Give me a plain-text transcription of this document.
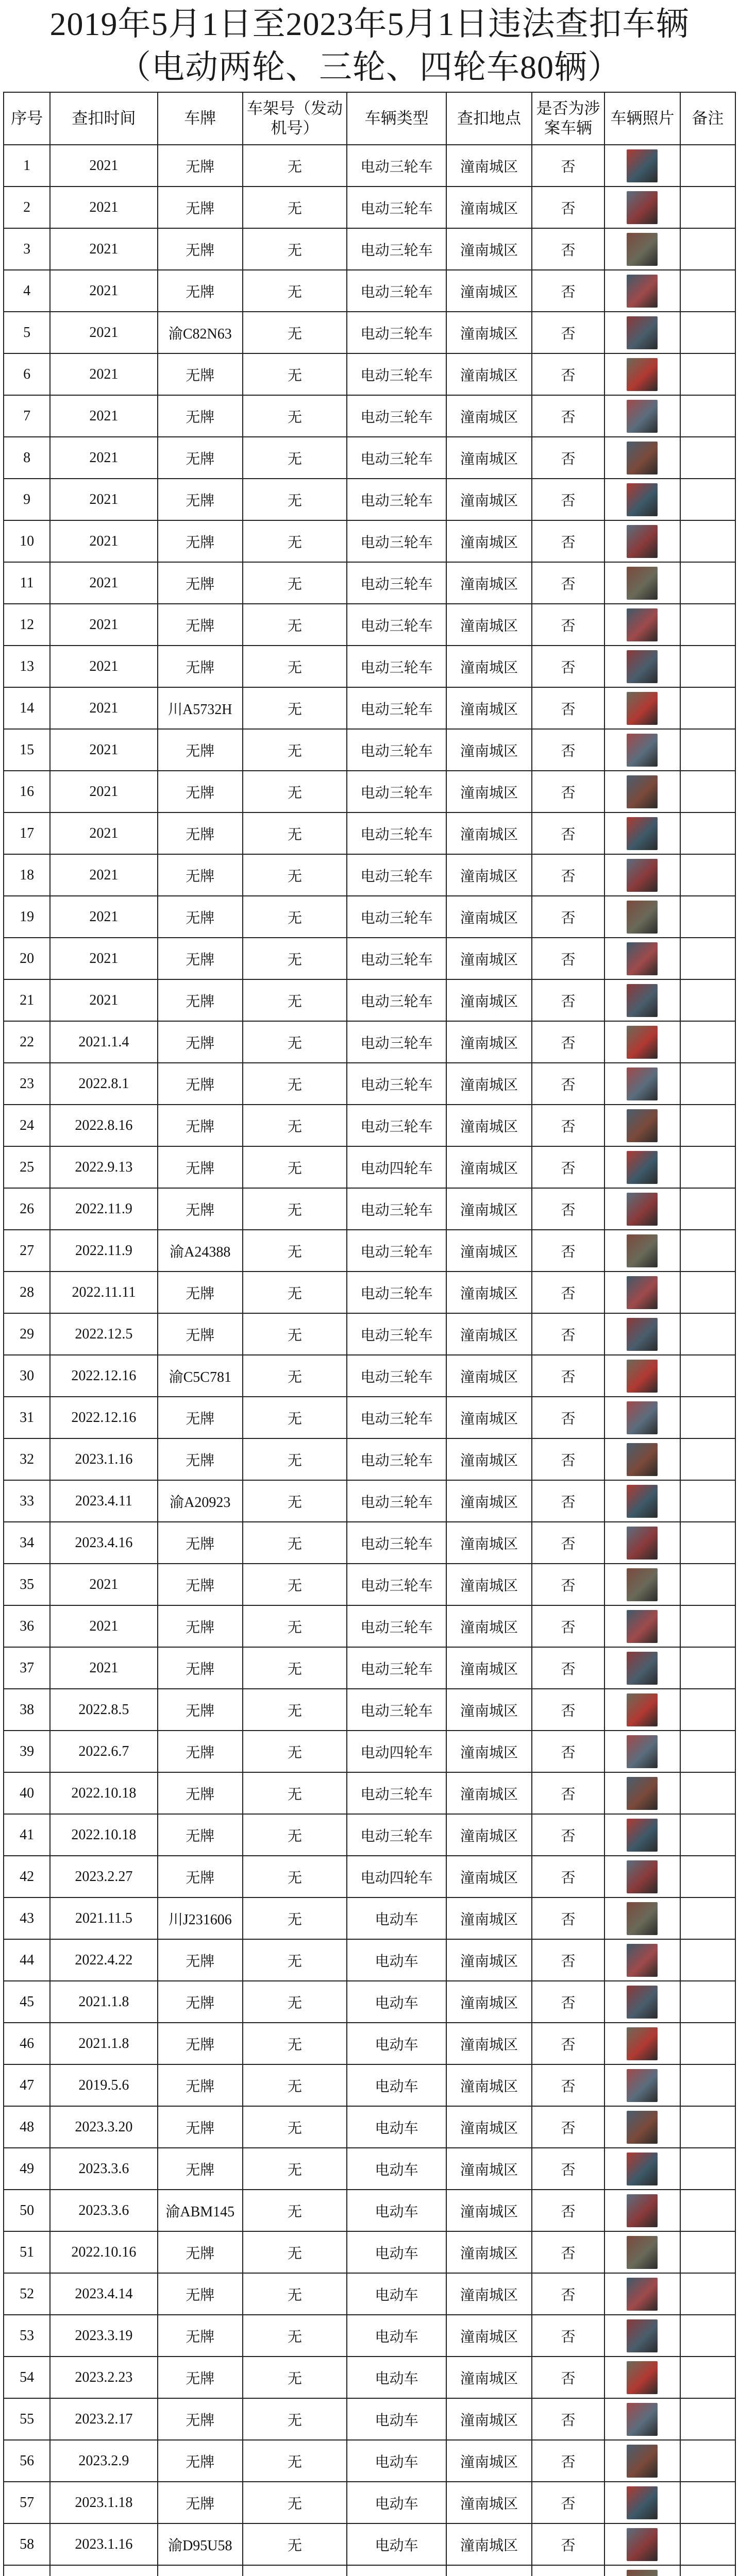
2019年5月1日至2023年5月1日违法查扣车辆
（电动两轮、三轮、四轮车80辆）
序号	查扣时间	车牌	车架号（发动机号）	车辆类型	查扣地点	是否为涉案车辆	车辆照片	备注
1	2021	无牌	无	电动三轮车	潼南城区	否		
2	2021	无牌	无	电动三轮车	潼南城区	否		
3	2021	无牌	无	电动三轮车	潼南城区	否		
4	2021	无牌	无	电动三轮车	潼南城区	否		
5	2021	渝C82N63	无	电动三轮车	潼南城区	否		
6	2021	无牌	无	电动三轮车	潼南城区	否		
7	2021	无牌	无	电动三轮车	潼南城区	否		
8	2021	无牌	无	电动三轮车	潼南城区	否		
9	2021	无牌	无	电动三轮车	潼南城区	否		
10	2021	无牌	无	电动三轮车	潼南城区	否		
11	2021	无牌	无	电动三轮车	潼南城区	否		
12	2021	无牌	无	电动三轮车	潼南城区	否		
13	2021	无牌	无	电动三轮车	潼南城区	否		
14	2021	川A5732H	无	电动三轮车	潼南城区	否		
15	2021	无牌	无	电动三轮车	潼南城区	否		
16	2021	无牌	无	电动三轮车	潼南城区	否		
17	2021	无牌	无	电动三轮车	潼南城区	否		
18	2021	无牌	无	电动三轮车	潼南城区	否		
19	2021	无牌	无	电动三轮车	潼南城区	否		
20	2021	无牌	无	电动三轮车	潼南城区	否		
21	2021	无牌	无	电动三轮车	潼南城区	否		
22	2021.1.4	无牌	无	电动三轮车	潼南城区	否		
23	2022.8.1	无牌	无	电动三轮车	潼南城区	否		
24	2022.8.16	无牌	无	电动三轮车	潼南城区	否		
25	2022.9.13	无牌	无	电动四轮车	潼南城区	否		
26	2022.11.9	无牌	无	电动三轮车	潼南城区	否		
27	2022.11.9	渝A24388	无	电动三轮车	潼南城区	否		
28	2022.11.11	无牌	无	电动三轮车	潼南城区	否		
29	2022.12.5	无牌	无	电动三轮车	潼南城区	否		
30	2022.12.16	渝C5C781	无	电动三轮车	潼南城区	否		
31	2022.12.16	无牌	无	电动三轮车	潼南城区	否		
32	2023.1.16	无牌	无	电动三轮车	潼南城区	否		
33	2023.4.11	渝A20923	无	电动三轮车	潼南城区	否		
34	2023.4.16	无牌	无	电动三轮车	潼南城区	否		
35	2021	无牌	无	电动三轮车	潼南城区	否		
36	2021	无牌	无	电动三轮车	潼南城区	否		
37	2021	无牌	无	电动三轮车	潼南城区	否		
38	2022.8.5	无牌	无	电动三轮车	潼南城区	否		
39	2022.6.7	无牌	无	电动四轮车	潼南城区	否		
40	2022.10.18	无牌	无	电动三轮车	潼南城区	否		
41	2022.10.18	无牌	无	电动三轮车	潼南城区	否		
42	2023.2.27	无牌	无	电动四轮车	潼南城区	否		
43	2021.11.5	川J231606	无	电动车	潼南城区	否		
44	2022.4.22	无牌	无	电动车	潼南城区	否		
45	2021.1.8	无牌	无	电动车	潼南城区	否		
46	2021.1.8	无牌	无	电动车	潼南城区	否		
47	2019.5.6	无牌	无	电动车	潼南城区	否		
48	2023.3.20	无牌	无	电动车	潼南城区	否		
49	2023.3.6	无牌	无	电动车	潼南城区	否		
50	2023.3.6	渝ABM145	无	电动车	潼南城区	否		
51	2022.10.16	无牌	无	电动车	潼南城区	否		
52	2023.4.14	无牌	无	电动车	潼南城区	否		
53	2023.3.19	无牌	无	电动车	潼南城区	否		
54	2023.2.23	无牌	无	电动车	潼南城区	否		
55	2023.2.17	无牌	无	电动车	潼南城区	否		
56	2023.2.9	无牌	无	电动车	潼南城区	否		
57	2023.1.18	无牌	无	电动车	潼南城区	否		
58	2023.1.16	渝D95U58	无	电动车	潼南城区	否		
